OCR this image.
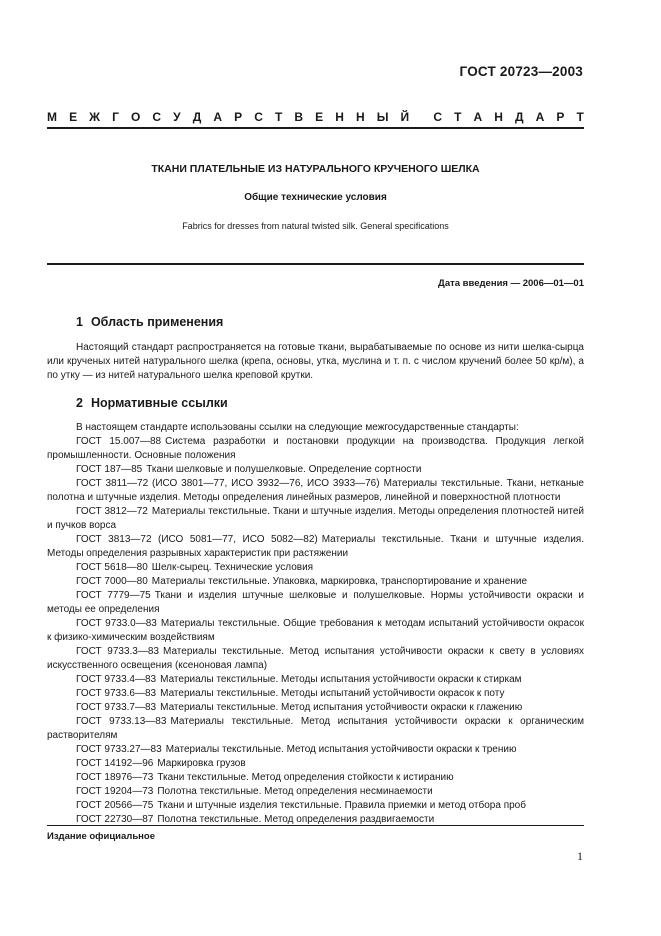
ГОСТ 20723—2003
М Е Ж Г О С У Д А Р С Т В Е Н Н Ы Й С Т А Н Д А Р Т
ТКАНИ ПЛАТЕЛЬНЫЕ ИЗ НАТУРАЛЬНОГО КРУЧЕНОГО ШЕЛКА
Общие технические условия
Fabrics for dresses from natural twisted silk. General specifications
Дата введения — 2006—01—01
1 Область применения

Настоящий стандарт распространяется на готовые ткани, вырабатываемые по основе из нити шелка-сырца или крученых нитей натурального шелка (крепа, основы, утка, муслина и т. п. с числом кручений более 50 кр/м), а по утку — из нитей натурального шелка креповой крутки.

2 Нормативные ссылки

В настоящем стандарте использованы ссылки на следующие межгосударственные стандарты:

ГОСТ 15.007—88 Система разработки и постановки продукции на производства. Продукция легкой промышленности. Основные положения

ГОСТ 187—85 Ткани шелковые и полушелковые. Определение сортности

ГОСТ 3811—72 (ИСО 3801—77, ИСО 3932—76, ИСО 3933—76) Материалы текстильные. Ткани, нетканые полотна и штучные изделия. Методы определения линейных размеров, линейной и поверхностной плотности

ГОСТ 3812—72 Материалы текстильные. Ткани и штучные изделия. Методы определения плотностей нитей и пучков ворса

ГОСТ 3813—72 (ИСО 5081—77, ИСО 5082—82) Материалы текстильные. Ткани и штучные изделия. Методы определения разрывных характеристик при растяжении

ГОСТ 5618—80 Шелк-сырец. Технические условия

ГОСТ 7000—80 Материалы текстильные. Упаковка, маркировка, транспортирование и хранение

ГОСТ 7779—75 Ткани и изделия штучные шелковые и полушелковые. Нормы устойчивости окраски и методы ее определения

ГОСТ 9733.0—83 Материалы текстильные. Общие требования к методам испытаний устойчивости окрасок к физико-химическим воздействиям

ГОСТ 9733.3—83 Материалы текстильные. Метод испытания устойчивости окраски к свету в условиях искусственного освещения (ксеноновая лампа)

ГОСТ 9733.4—83 Материалы текстильные. Методы испытания устойчивости окраски к стиркам

ГОСТ 9733.6—83 Материалы текстильные. Методы испытаний устойчивости окрасок к поту

ГОСТ 9733.7—83 Материалы текстильные. Метод испытания устойчивости окраски к глажению

ГОСТ 9733.13—83 Материалы текстильные. Метод испытания устойчивости окраски к органическим растворителям

ГОСТ 9733.27—83 Материалы текстильные. Метод испытания устойчивости окраски к трению

ГОСТ 14192—96 Маркировка грузов

ГОСТ 18976—73 Ткани текстильные. Метод определения стойкости к истиранию

ГОСТ 19204—73 Полотна текстильные. Метод определения несминаемости

ГОСТ 20566—75 Ткани и штучные изделия текстильные. Правила приемки и метод отбора проб

ГОСТ 22730—87 Полотна текстильные. Метод определения раздвигаемости

Издание официальное
1
